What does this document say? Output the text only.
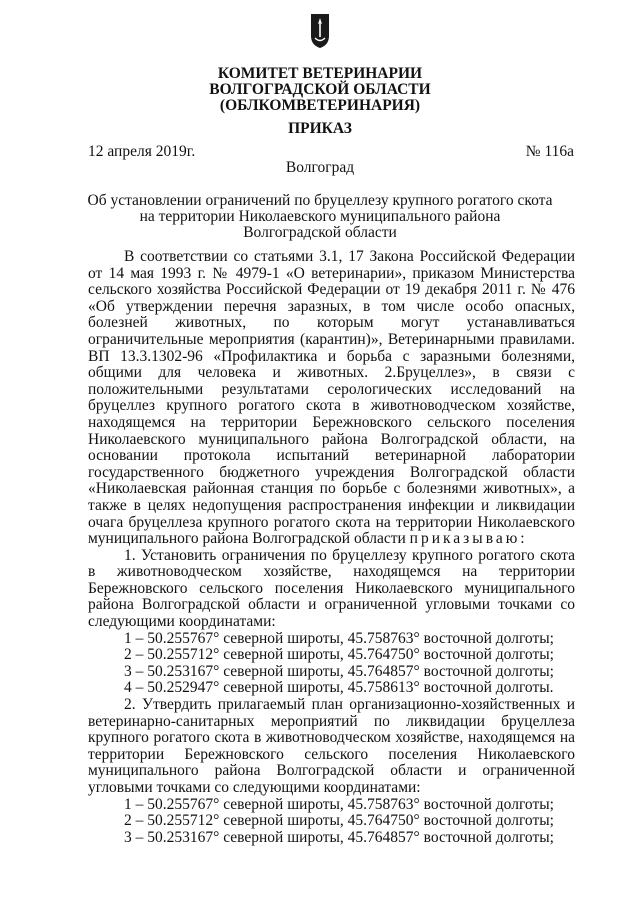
КОМИТЕТ ВЕТЕРИНАРИИ
ВОЛГОГРАДСКОЙ ОБЛАСТИ
(ОБЛКОМВЕТЕРИНАРИЯ)
ПРИКАЗ
12 апреля 2019г.	№ 116а
Волгоград
Об установлении ограничений по бруцеллезу крупного рогатого скота
на территории Николаевского муниципального района
Волгоградской области

В соответствии со статьями 3.1, 17 Закона Российской Федерации от 14 мая 1993 г. № 4979-1 «О ветеринарии», приказом Министерства сельского хозяйства Российской Федерации от 19 декабря 2011 г. № 476 «Об утверждении перечня заразных, в том числе особо опасных, болезней животных, по которым могут устанавливаться ограничительные мероприятия (карантин)», Ветеринарными правилами. ВП 13.3.1302-96 «Профилактика и борьба с заразными болезнями, общими для человека и животных. 2.Бруцеллез», в связи с положительными результатами серологических исследований на бруцеллез крупного рогатого скота в животноводческом хозяйстве, находящемся на территории Бережновского сельского поселения Николаевского муниципального района Волгоградской области, на основании протокола испытаний ветеринарной лаборатории государственного бюджетного учреждения Волгоградской области «Николаевская районная станция по борьбе с болезнями животных», а также в целях недопущения распространения инфекции и ликвидации очага бруцеллеза крупного рогатого скота на территории Николаевского муниципального района Волгоградской области приказываю:

1. Установить ограничения по бруцеллезу крупного рогатого скота в животноводческом хозяйстве, находящемся на территории Бережновского сельского поселения Николаевского муниципального района Волгоградской области и ограниченной угловыми точками со следующими координатами:

1 – 50.255767° северной широты, 45.758763° восточной долготы;

2 – 50.255712° северной широты, 45.764750° восточной долготы;

3 – 50.253167° северной широты, 45.764857° восточной долготы;

4 – 50.252947° северной широты, 45.758613° восточной долготы.

2. Утвердить прилагаемый план организационно-хозяйственных и ветеринарно-санитарных мероприятий по ликвидации бруцеллеза крупного рогатого скота в животноводческом хозяйстве, находящемся на территории Бережновского сельского поселения Николаевского муниципального района Волгоградской области и ограниченной угловыми точками со следующими координатами:

1 – 50.255767° северной широты, 45.758763° восточной долготы;

2 – 50.255712° северной широты, 45.764750° восточной долготы;

3 – 50.253167° северной широты, 45.764857° восточной долготы;
